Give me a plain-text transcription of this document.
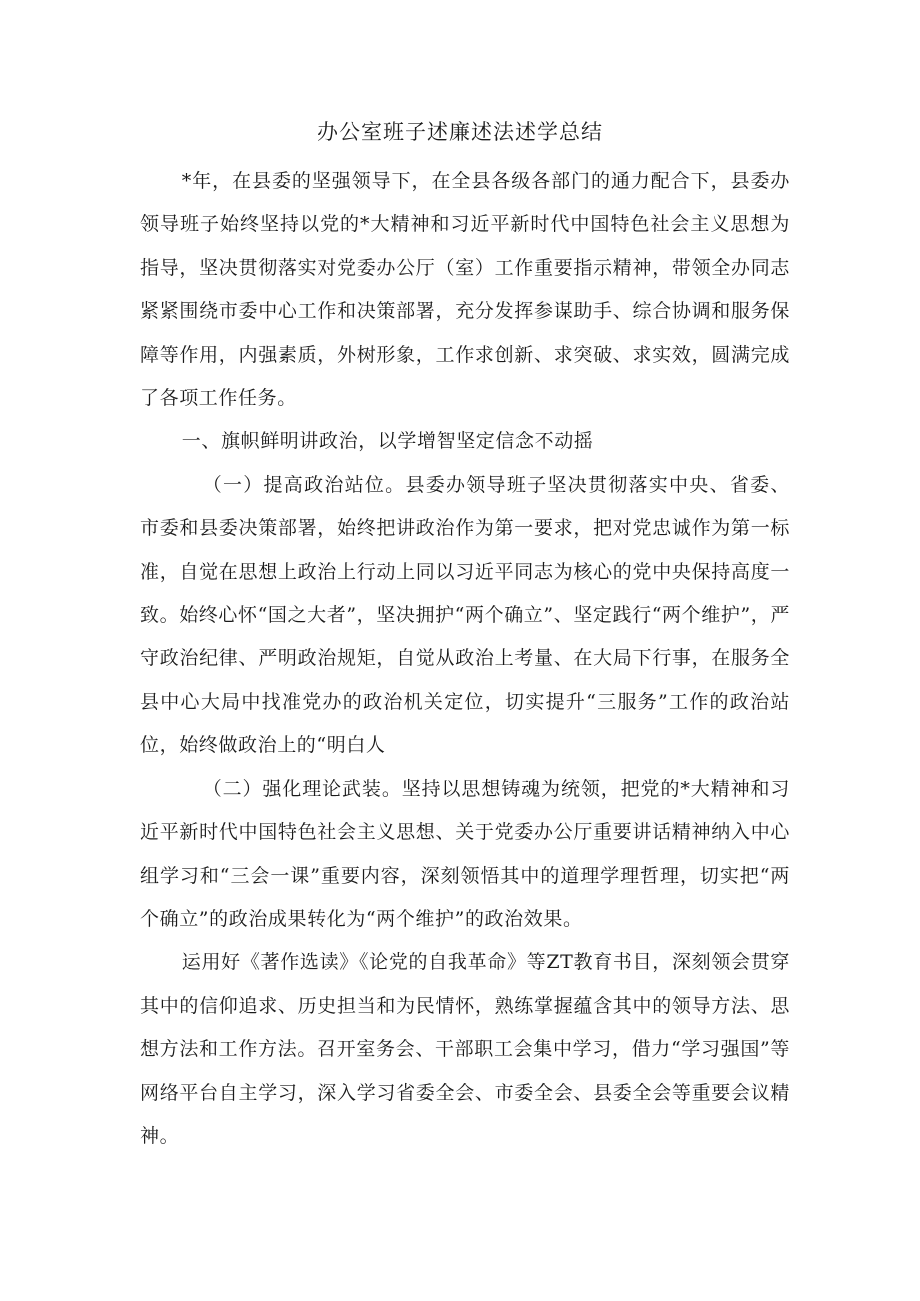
办公室班子述廉述法述学总结

*年，在县委的坚强领导下，在全县各级各部门的通力配合下，县委办领导班子始终坚持以党的*大精神和习近平新时代中国特色社会主义思想为指导，坚决贯彻落实对党委办公厅（室）工作重要指示精神，带领全办同志紧紧围绕市委中心工作和决策部署，充分发挥参谋助手、综合协调和服务保障等作用，内强素质，外树形象，工作求创新、求突破、求实效，圆满完成了各项工作任务。

一、旗帜鲜明讲政治，以学增智坚定信念不动摇

（一）提高政治站位。县委办领导班子坚决贯彻落实中央、省委、市委和县委决策部署，始终把讲政治作为第一要求，把对党忠诚作为第一标准，自觉在思想上政治上行动上同以习近平同志为核心的党中央保持高度一致。始终心怀“国之大者”，坚决拥护“两个确立”、坚定践行“两个维护”，严守政治纪律、严明政治规矩，自觉从政治上考量、在大局下行事，在服务全县中心大局中找准党办的政治机关定位，切实提升“三服务”工作的政治站位，始终做政治上的“明白人

（二）强化理论武装。坚持以思想铸魂为统领，把党的*大精神和习近平新时代中国特色社会主义思想、关于党委办公厅重要讲话精神纳入中心组学习和“三会一课”重要内容，深刻领悟其中的道理学理哲理，切实把“两个确立”的政治成果转化为“两个维护”的政治效果。

运用好《著作选读》《论党的自我革命》等ZT教育书目，深刻领会贯穿其中的信仰追求、历史担当和为民情怀，熟练掌握蕴含其中的领导方法、思想方法和工作方法。召开室务会、干部职工会集中学习，借力“学习强国”等网络平台自主学习，深入学习省委全会、市委全会、县委全会等重要会议精神。
